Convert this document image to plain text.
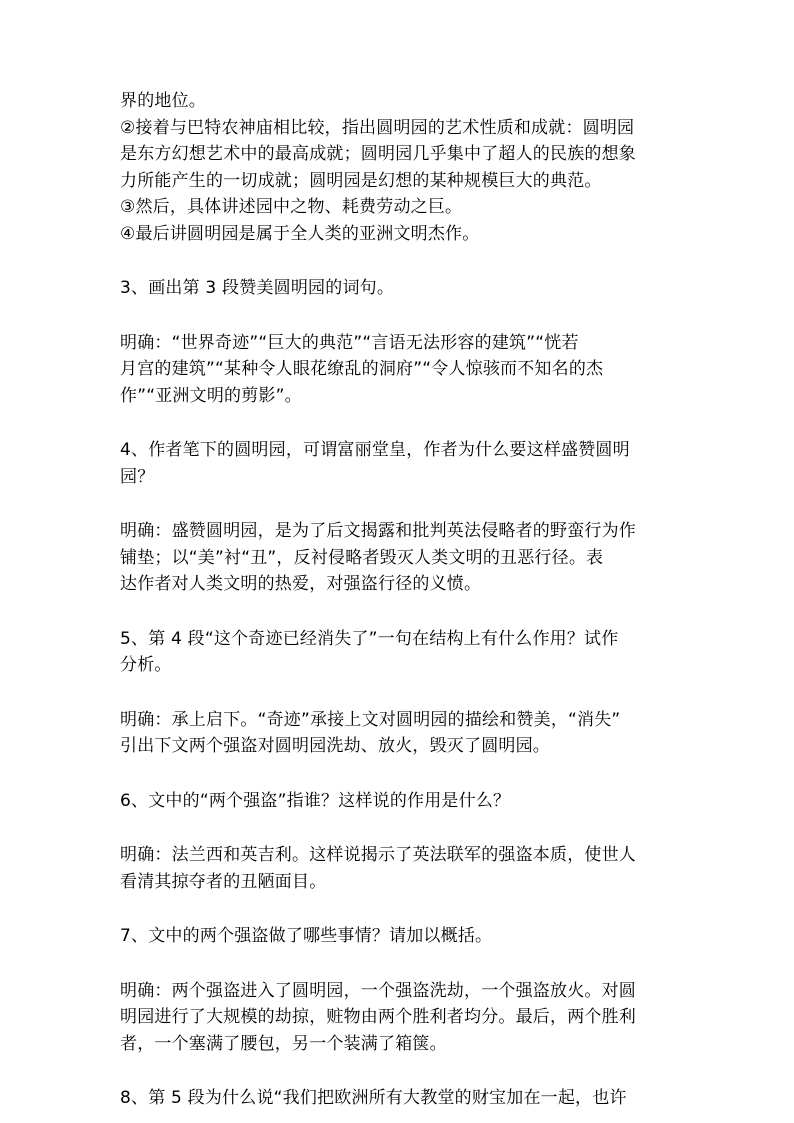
界的地位。
②接着与巴特农神庙相比较，指出圆明园的艺术性质和成就：圆明园
是东方幻想艺术中的最高成就；圆明园几乎集中了超人的民族的想象
力所能产生的一切成就；圆明园是幻想的某种规模巨大的典范。
③然后，具体讲述园中之物、耗费劳动之巨。
④最后讲圆明园是属于全人类的亚洲文明杰作。
3、画出第 3 段赞美圆明园的词句。
明确：“世界奇迹”“巨大的典范”“言语无法形容的建筑”“恍若
月宫的建筑”“某种令人眼花缭乱的洞府”“令人惊骇而不知名的杰
作”“亚洲文明的剪影”。
4、作者笔下的圆明园，可谓富丽堂皇，作者为什么要这样盛赞圆明
园？
明确：盛赞圆明园，是为了后文揭露和批判英法侵略者的野蛮行为作
铺垫；以“美”衬“丑”，反衬侵略者毁灭人类文明的丑恶行径。表
达作者对人类文明的热爱，对强盗行径的义愤。
5、第 4 段“这个奇迹已经消失了”一句在结构上有什么作用？试作
分析。
明确：承上启下。“奇迹”承接上文对圆明园的描绘和赞美，“消失”
引出下文两个强盗对圆明园洗劫、放火，毁灭了圆明园。
6、文中的“两个强盗”指谁？这样说的作用是什么？
明确：法兰西和英吉利。这样说揭示了英法联军的强盗本质，使世人
看清其掠夺者的丑陋面目。
7、文中的两个强盗做了哪些事情？请加以概括。
明确：两个强盗进入了圆明园，一个强盗洗劫，一个强盗放火。对圆
明园进行了大规模的劫掠，赃物由两个胜利者均分。最后，两个胜利
者，一个塞满了腰包，另一个装满了箱箧。
8、第 5 段为什么说“我们把欧洲所有大教堂的财宝加在一起，也许
